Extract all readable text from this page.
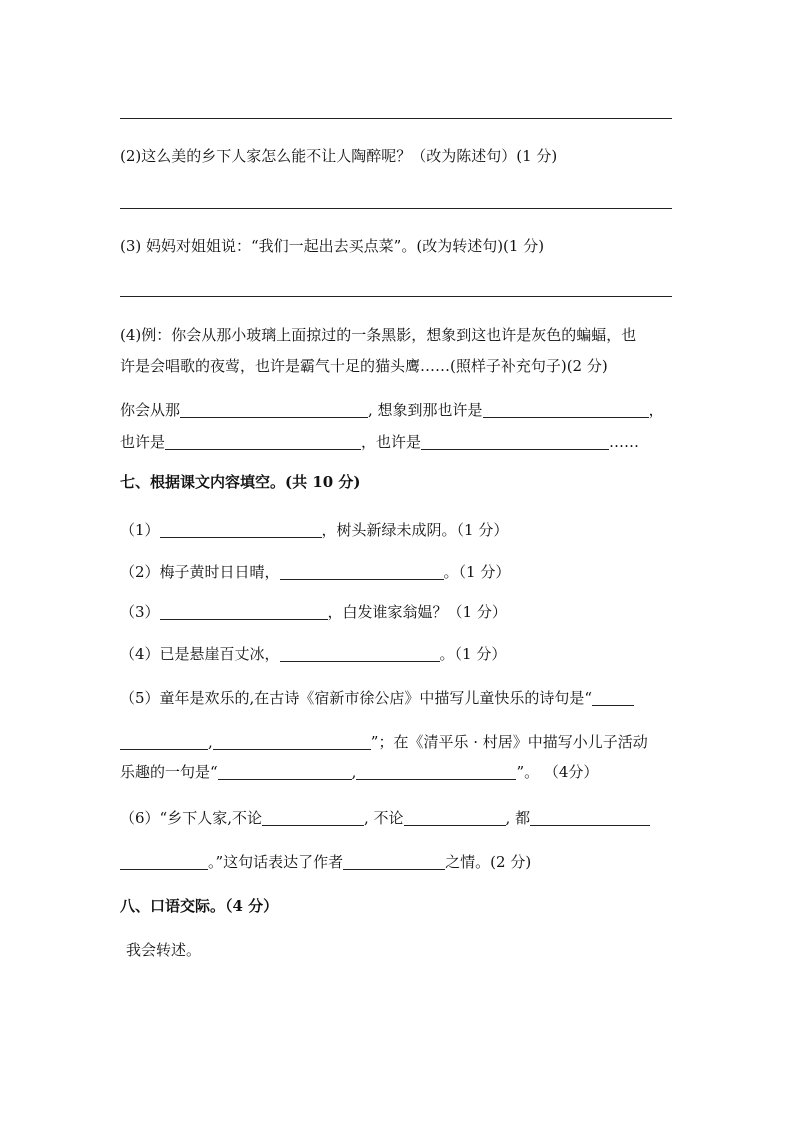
(2)这么美的乡下人家怎么能不让人陶醉呢？（改为陈述句）(1 分)
(3) 妈妈对姐姐说：“我们一起出去买点菜”。(改为转述句)(1 分)
(4)例：你会从那小玻璃上面掠过的一条黑影，想象到这也许是灰色的蝙蝠，也
许是会唱歌的夜莺，也许是霸气十足的猫头鹰……(照样子补充句子)(2 分)
你会从那	, 想象到那也许是	，
也许是	，也许是	……
七、根据课文内容填空。(共 10 分)
（1）	，树头新绿未成阴。（1 分）
（2）梅子黄时日日晴，	。（1 分）
（3）	，白发谁家翁媪？（1 分）
（4）已是悬崖百丈冰，	。（1 分）
（5）童年是欢乐的,在古诗《宿新市徐公店》中描写儿童快乐的诗句是“
,	”；在《清平乐 · 村居》中描写小儿子活动
乐趣的一句是“	,	”。 （4分）
（6）“乡下人家,不论	, 不论	, 都
。”这句话表达了作者	之情。(2 分)
八、口语交际。（4 分）
我会转述。
